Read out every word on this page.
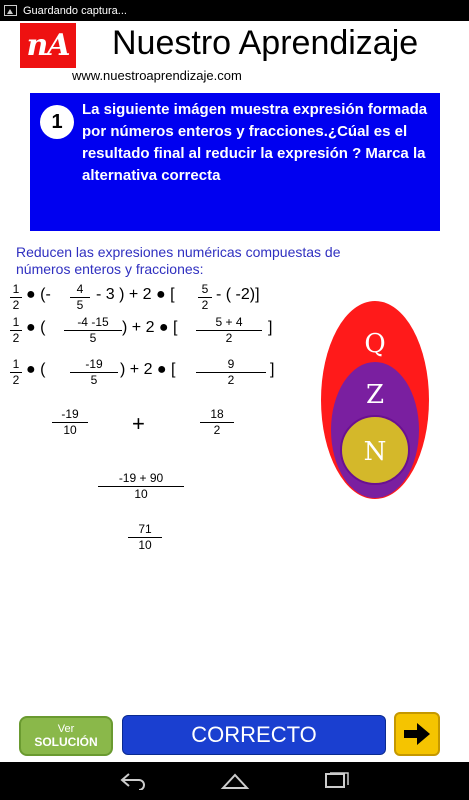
Guardando captura...
nA Nuestro Aprendizaje
www.nuestroaprendizaje.com
1
La siguiente imágen muestra expresión formada por números enteros y fracciones.¿Cúal es el resultado final al reducir la expresión ? Marca la alternativa correcta
Reducen las expresiones numéricas compuestas de números enteros y fracciones:
1
2
● (-	4
5
- 3 ) + 2 ● [	5
2
- ( -2)]
1
2
● (	-4 -15
5
) + 2 ● [	5 + 4
2
]
1
2
● (	-19
5
) + 2 ● [	9
2
]
-19
10	+	18
2
-19 + 90
10
71
10
Q
Z
N
Ver
SOLUCIÓN	CORRECTO
